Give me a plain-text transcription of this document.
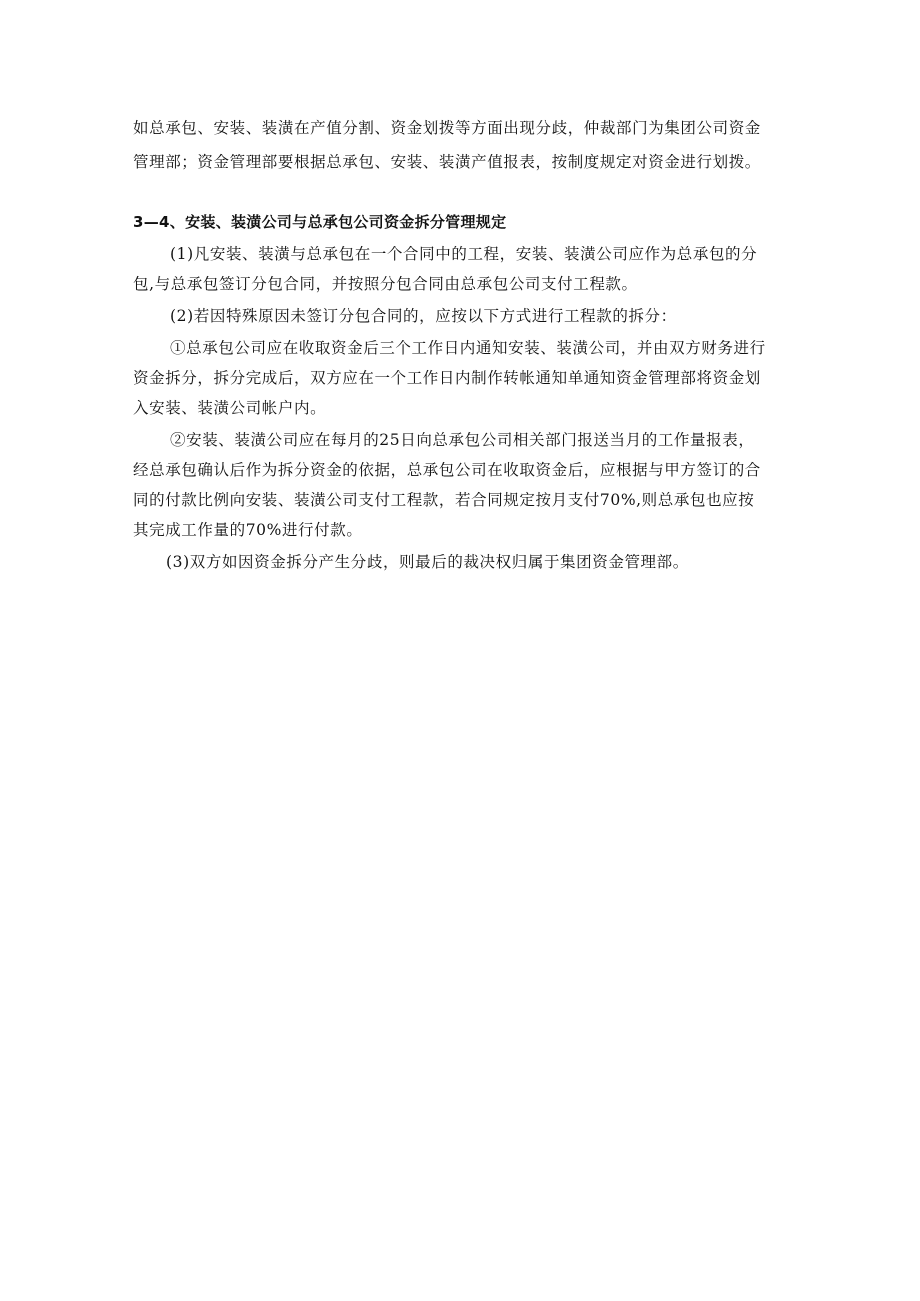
如总承包、安装、装潢在产值分割、资金划拨等方面出现分歧，仲裁部门为集团公司资金

管理部；资金管理部要根据总承包、安装、装潢产值报表，按制度规定对资金进行划拨。

3—4、安装、装潢公司与总承包公司资金拆分管理规定

(1)凡安装、装潢与总承包在一个合同中的工程，安装、装潢公司应作为总承包的分

包,与总承包签订分包合同，并按照分包合同由总承包公司支付工程款。

(2)若因特殊原因未签订分包合同的，应按以下方式进行工程款的拆分：

①总承包公司应在收取资金后三个工作日内通知安装、装潢公司，并由双方财务进行

资金拆分，拆分完成后，双方应在一个工作日内制作转帐通知单通知资金管理部将资金划

入安装、装潢公司帐户内。

②安装、装潢公司应在每月的25日向总承包公司相关部门报送当月的工作量报表，

经总承包确认后作为拆分资金的依据，总承包公司在收取资金后，应根据与甲方签订的合

同的付款比例向安装、装潢公司支付工程款，若合同规定按月支付70%,则总承包也应按

其完成工作量的70%进行付款。

(3)双方如因资金拆分产生分歧，则最后的裁决权归属于集团资金管理部。
